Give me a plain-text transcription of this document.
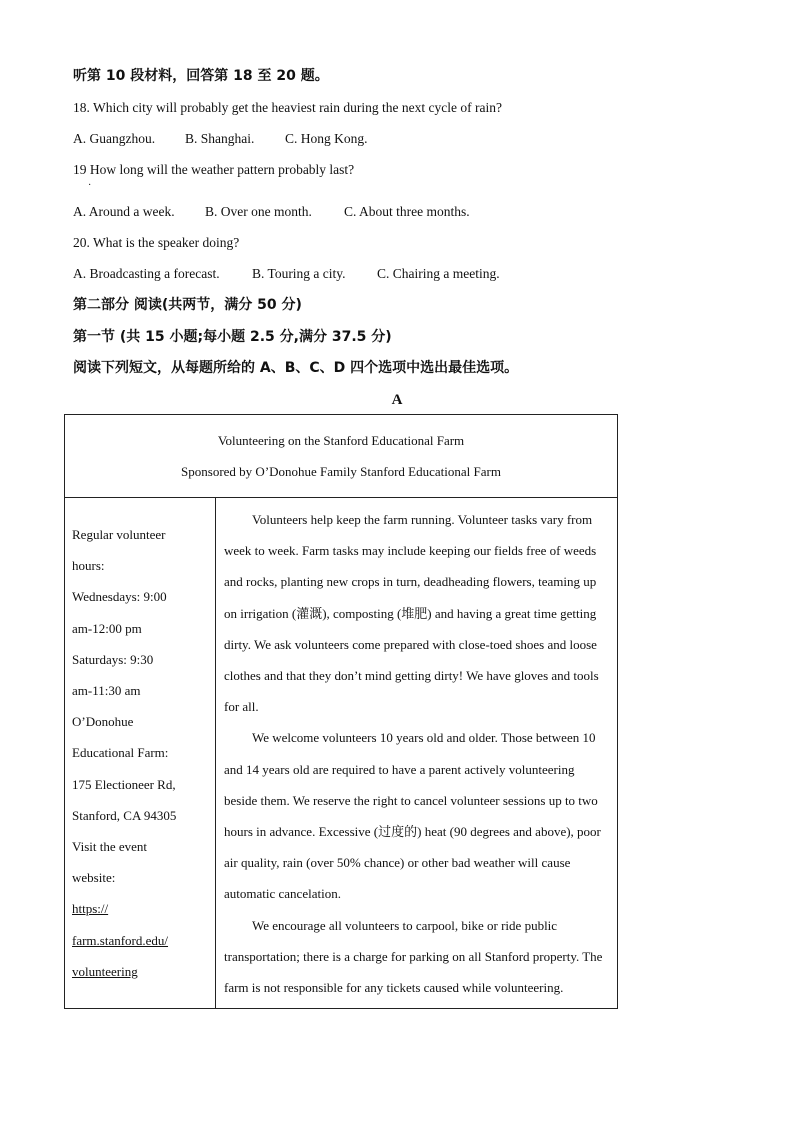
听第 10 段材料，回答第 18 至 20 题。
18. Which city will probably get the heaviest rain during the next cycle of rain?
A. Guangzhou. B. Shanghai. C. Hong Kong.
19 How long will the weather pattern probably last?
·
A. Around a week. B. Over one month. C. About three months.
20. What is the speaker doing?
A. Broadcasting a forecast. B. Touring a city. C. Chairing a meeting.
第二部分 阅读(共两节，满分 50 分)
第一节 (共 15 小题;每小题 2.5 分,满分 37.5 分)
阅读下列短文，从每题所给的 A、B、C、D 四个选项中选出最佳选项。
A
Volunteering on the Stanford Educational Farm
Sponsored by O’Donohue Family Stanford Educational Farm

Regular volunteer
hours:
Wednesdays: 9:00
am-12:00 pm
Saturdays: 9:30
am-11:30 am
O’Donohue
Educational Farm:
175 Electioneer Rd,
Stanford, CA 94305
Visit the event
website:
https://
farm.stanford.edu/
volunteering

Volunteers help keep the farm running. Volunteer tasks vary from week to week. Farm tasks may include keeping our fields free of weeds and rocks, planting new crops in turn, deadheading flowers, teaming up on irrigation (灌溉), composting (堆肥) and having a great time getting dirty. We ask volunteers come prepared with close-toed shoes and loose clothes and that they don’t mind getting dirty! We have gloves and tools for all.

We welcome volunteers 10 years old and older. Those between 10 and 14 years old are required to have a parent actively volunteering beside them. We reserve the right to cancel volunteer sessions up to two hours in advance. Excessive (过度的) heat (90 degrees and above), poor air quality, rain (over 50% chance) or other bad weather will cause automatic cancelation.

We encourage all volunteers to carpool, bike or ride public transportation; there is a charge for parking on all Stanford property. The farm is not responsible for any tickets caused while volunteering.
